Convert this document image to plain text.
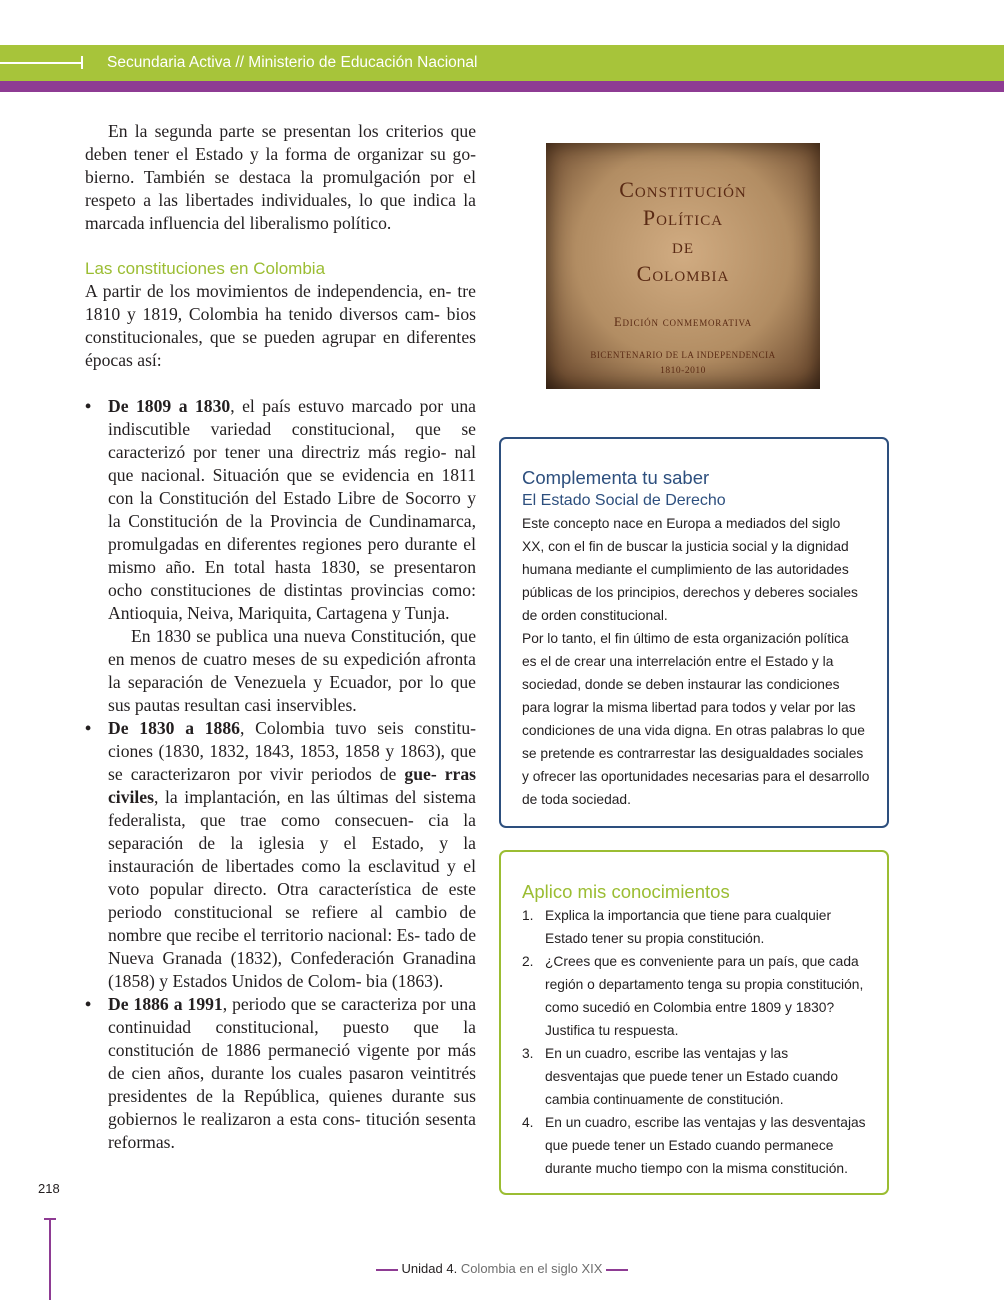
Secundaria Activa // Ministerio de Educación Nacional

En la segunda parte se presentan los criterios que deben tener el Estado y la forma de organizar su go- bierno. También se destaca la promulgación por el respeto a las libertades individuales, lo que indica la marcada influencia del liberalismo político.

Las constituciones en Colombia

A partir de los movimientos de independencia, en- tre 1810 y 1819, Colombia ha tenido diversos cam- bios constitucionales, que se pueden agrupar en diferentes épocas así:

• De 1809 a 1830, el país estuvo marcado por una indiscutible variedad constitucional, que se caracterizó por tener una directriz más regio- nal que nacional. Situación que se evidencia en 1811 con la Constitución del Estado Libre de Socorro y la Constitución de la Provincia de Cundinamarca, promulgadas en diferentes regiones pero durante el mismo año. En total hasta 1830, se presentaron ocho constituciones de distintas provincias como: Antioquia, Neiva, Mariquita, Cartagena y Tunja.

En 1830 se publica una nueva Constitución, que en menos de cuatro meses de su expedición afronta la separación de Venezuela y Ecuador, por lo que sus pautas resultan casi inservibles.

• De 1830 a 1886, Colombia tuvo seis constitu- ciones (1830, 1832, 1843, 1853, 1858 y 1863), que se caracterizaron por vivir periodos de gue- rras civiles, la implantación, en las últimas del sistema federalista, que trae como consecuen- cia la separación de la iglesia y el Estado, y la instauración de libertades como la esclavitud y el voto popular directo. Otra característica de este periodo constitucional se refiere al cambio de nombre que recibe el territorio nacional: Es- tado de Nueva Granada (1832), Confederación Granadina (1858) y Estados Unidos de Colom- bia (1863).

• De 1886 a 1991, periodo que se caracteriza por una continuidad constitucional, puesto que la constitución de 1886 permaneció vigente por más de cien años, durante los cuales pasaron veintitrés presidentes de la República, quienes durante sus gobiernos le realizaron a esta cons- titución sesenta reformas.

Constitución
Política
de
Colombia
Edición conmemorativa
BICENTENARIO DE LA INDEPENDENCIA
1810-2010
Complementa tu saber
El Estado Social de Derecho

Este concepto nace en Europa a mediados del siglo

XX, con el fin de buscar la justicia social y la dignidad

humana mediante el cumplimiento de las autoridades

públicas de los principios, derechos y deberes sociales

de orden constitucional.

Por lo tanto, el fin último de esta organización política

es el de crear una interrelación entre el Estado y la

sociedad, donde se deben instaurar las condiciones

para lograr la misma libertad para todos y velar por las

condiciones de una vida digna. En otras palabras lo que

se pretende es contrarrestar las desigualdades sociales

y ofrecer las oportunidades necesarias para el desarrollo

de toda sociedad.

Aplico mis conocimientos
1. Explica la importancia que tiene para cualquier
Estado tener su propia constitución.
2. ¿Crees que es conveniente para un país, que cada
región o departamento tenga su propia constitución,
como sucedió en Colombia entre 1809 y 1830?
Justifica tu respuesta.
3. En un cuadro, escribe las ventajas y las
desventajas que puede tener un Estado cuando
cambia continuamente de constitución.
4. En un cuadro, escribe las ventajas y las desventajas
que puede tener un Estado cuando permanece
durante mucho tiempo con la misma constitución.
218
Unidad 4. Colombia en el siglo XIX
